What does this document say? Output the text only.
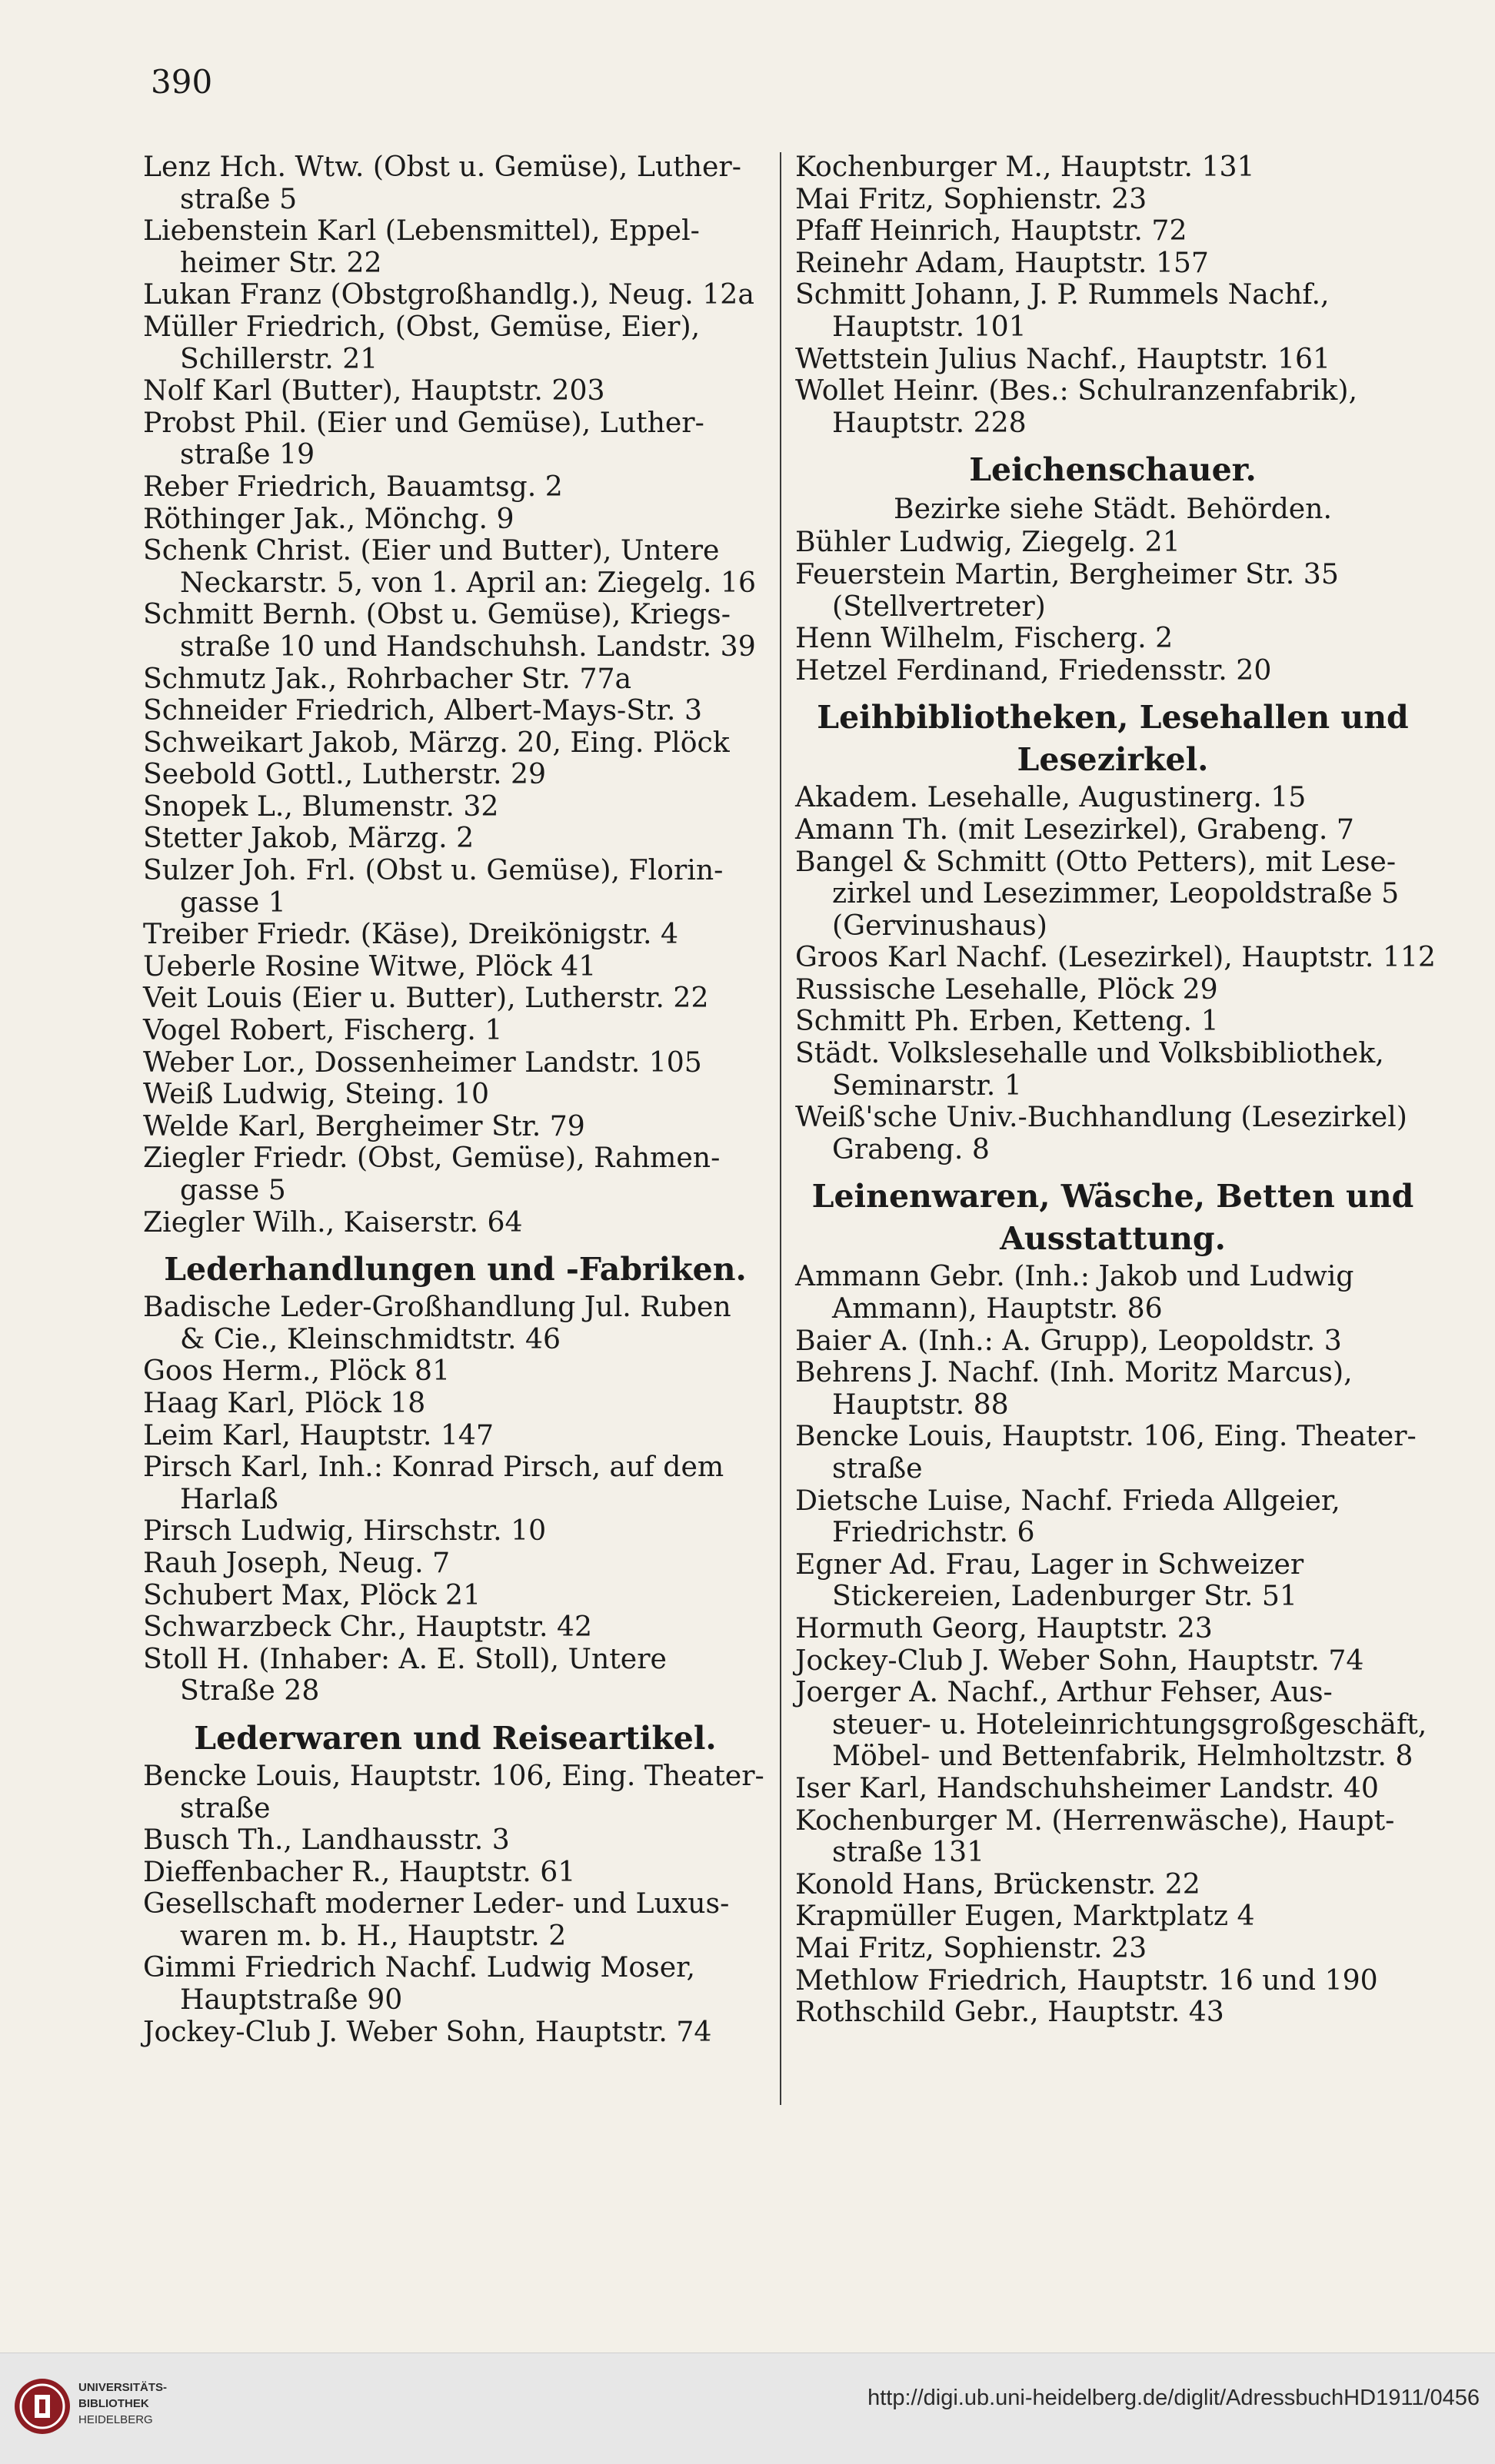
390
Lenz Hch. Wtw. (Obst u. Gemüse), Luther-
straße 5
Liebenstein Karl (Lebensmittel), Eppel-
heimer Str. 22
Lukan Franz (Obstgroßhandlg.), Neug. 12a
Müller Friedrich, (Obst, Gemüse, Eier),
Schillerstr. 21
Nolf Karl (Butter), Hauptstr. 203
Probst Phil. (Eier und Gemüse), Luther-
straße 19
Reber Friedrich, Bauamtsg. 2
Röthinger Jak., Mönchg. 9
Schenk Christ. (Eier und Butter), Untere
Neckarstr. 5, von 1. April an: Ziegelg. 16
Schmitt Bernh. (Obst u. Gemüse), Kriegs-
straße 10 und Handschuhsh. Landstr. 39
Schmutz Jak., Rohrbacher Str. 77a
Schneider Friedrich, Albert-Mays-Str. 3
Schweikart Jakob, Märzg. 20, Eing. Plöck
Seebold Gottl., Lutherstr. 29
Snopek L., Blumenstr. 32
Stetter Jakob, Märzg. 2
Sulzer Joh. Frl. (Obst u. Gemüse), Florin-
gasse 1
Treiber Friedr. (Käse), Dreikönigstr. 4
Ueberle Rosine Witwe, Plöck 41
Veit Louis (Eier u. Butter), Lutherstr. 22
Vogel Robert, Fischerg. 1
Weber Lor., Dossenheimer Landstr. 105
Weiß Ludwig, Steing. 10
Welde Karl, Bergheimer Str. 79
Ziegler Friedr. (Obst, Gemüse), Rahmen-
gasse 5
Ziegler Wilh., Kaiserstr. 64
Lederhandlungen und -Fabriken.
Badische Leder-Großhandlung Jul. Ruben
& Cie., Kleinschmidtstr. 46
Goos Herm., Plöck 81
Haag Karl, Plöck 18
Leim Karl, Hauptstr. 147
Pirsch Karl, Inh.: Konrad Pirsch, auf dem
Harlaß
Pirsch Ludwig, Hirschstr. 10
Rauh Joseph, Neug. 7
Schubert Max, Plöck 21
Schwarzbeck Chr., Hauptstr. 42
Stoll H. (Inhaber: A. E. Stoll), Untere
Straße 28
Lederwaren und Reiseartikel.
Bencke Louis, Hauptstr. 106, Eing. Theater-
straße
Busch Th., Landhausstr. 3
Dieffenbacher R., Hauptstr. 61
Gesellschaft moderner Leder- und Luxus-
waren m. b. H., Hauptstr. 2
Gimmi Friedrich Nachf. Ludwig Moser,
Hauptstraße 90
Jockey-Club J. Weber Sohn, Hauptstr. 74
Kochenburger M., Hauptstr. 131
Mai Fritz, Sophienstr. 23
Pfaff Heinrich, Hauptstr. 72
Reinehr Adam, Hauptstr. 157
Schmitt Johann, J. P. Rummels Nachf.,
Hauptstr. 101
Wettstein Julius Nachf., Hauptstr. 161
Wollet Heinr. (Bes.: Schulranzenfabrik),
Hauptstr. 228
Leichenschauer.
Bezirke siehe Städt. Behörden.
Bühler Ludwig, Ziegelg. 21
Feuerstein Martin, Bergheimer Str. 35
(Stellvertreter)
Henn Wilhelm, Fischerg. 2
Hetzel Ferdinand, Friedensstr. 20
Leihbibliotheken, Lesehallen und
Lesezirkel.
Akadem. Lesehalle, Augustinerg. 15
Amann Th. (mit Lesezirkel), Grabeng. 7
Bangel & Schmitt (Otto Petters), mit Lese-
zirkel und Lesezimmer, Leopoldstraße 5
(Gervinushaus)
Groos Karl Nachf. (Lesezirkel), Hauptstr. 112
Russische Lesehalle, Plöck 29
Schmitt Ph. Erben, Ketteng. 1
Städt. Volkslesehalle und Volksbibliothek,
Seminarstr. 1
Weiß'sche Univ.-Buchhandlung (Lesezirkel)
Grabeng. 8
Leinenwaren, Wäsche, Betten und
Ausstattung.
Ammann Gebr. (Inh.: Jakob und Ludwig
Ammann), Hauptstr. 86
Baier A. (Inh.: A. Grupp), Leopoldstr. 3
Behrens J. Nachf. (Inh. Moritz Marcus),
Hauptstr. 88
Bencke Louis, Hauptstr. 106, Eing. Theater-
straße
Dietsche Luise, Nachf. Frieda Allgeier,
Friedrichstr. 6
Egner Ad. Frau, Lager in Schweizer
Stickereien, Ladenburger Str. 51
Hormuth Georg, Hauptstr. 23
Jockey-Club J. Weber Sohn, Hauptstr. 74
Joerger A. Nachf., Arthur Fehser, Aus-
steuer- u. Hoteleinrichtungsgroßgeschäft,
Möbel- und Bettenfabrik, Helmholtzstr. 8
Iser Karl, Handschuhsheimer Landstr. 40
Kochenburger M. (Herrenwäsche), Haupt-
straße 131
Konold Hans, Brückenstr. 22
Krapmüller Eugen, Marktplatz 4
Mai Fritz, Sophienstr. 23
Methlow Friedrich, Hauptstr. 16 und 190
Rothschild Gebr., Hauptstr. 43
UNIVERSITÄTS-
BIBLIOTHEK
HEIDELBERG
http://digi.ub.uni-heidelberg.de/diglit/AdressbuchHD1911/0456
